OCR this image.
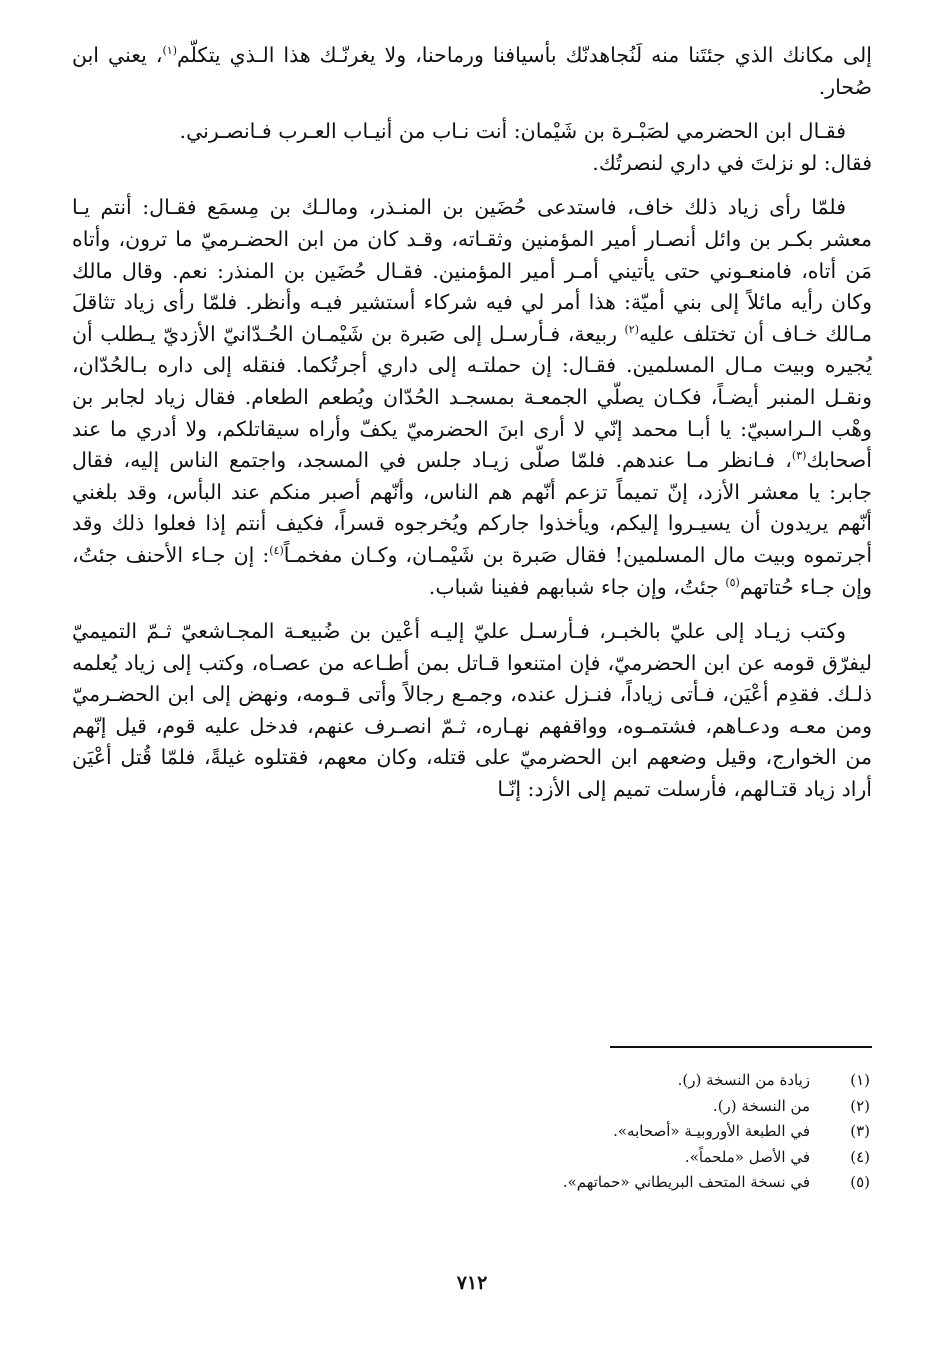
إلى مكانك الذي جئتَنا منه لَنُجاهدنّك بأسيافنا ورماحنا، ولا يغرنّـك هذا الـذي يتكلّم$^{(١)}$، يعني ابن صُحار.

فقـال ابن الحضرمي لصَبْـرة بن شَيْمان: أنت نـاب من أنيـاب العـرب فـانصـرني.

فقال: لو نزلتَ في داري لنصرتُك.

فلمّا رأى زياد ذلك خاف، فاستدعى حُضَين بن المنـذر، ومالـك بن مِسمَع فقـال: أنتم يـا معشر بكـر بن وائل أنصـار أمير المؤمنين وثقـاته، وقـد كان من ابن الحضـرميّ ما ترون، وأتاه مَن أتاه، فامنعـوني حتى يأتيني أمـر أمير المؤمنين. فقـال حُضَين بن المنذر: نعم. وقال مالك وكان رأيه مائلاً إلى بني أميّة: هذا أمر لي فيه شركاء أستشير فيـه وأنظر. فلمّا رأى زياد تثاقلَ مـالك خـاف أن تختلف عليه$^{(٢)}$ ربيعة، فـأرسـل إلى صَبرة بن شَيْمـان الحُـدّانيّ الأزديّ يـطلب أن يُجيره وبيت مـال المسلمين. فقـال: إن حملتـه إلى داري أجرتُكما. فنقله إلى داره بـالحُدّان، ونقـل المنبر أيضـاً، فكـان يصلّي الجمعـة بمسجـد الحُدّان ويُطعم الطعام. فقال زياد لجابر بن وهْب الـراسبيّ: يا أبـا محمد إنّي لا أرى ابنَ الحضرميّ يكفّ وأراه سيقاتلكم، ولا أدري ما عند أصحابك$^{(٣)}$، فـانظر مـا عندهم. فلمّا صلّى زيـاد جلس في المسجد، واجتمع الناس إليه، فقال جابر: يا معشر الأزد، إنّ تميماً تزعم أنّهم هم الناس، وأنّهم أصبر منكم عند البأس، وقد بلغني أنّهم يريدون أن يسيـروا إليكم، ويأخذوا جاركم ويُخرجوه قسراً، فكيف أنتم إذا فعلوا ذلك وقد أجرتموه وبيت مال المسلمين! فقال صَبرة بن شَيْمـان، وكـان مفخمـاً$^{(٤)}$: إن جـاء الأحنف جئتُ، وإن جـاء حُتاتهم$^{(٥)}$ جئتُ، وإن جاء شبابهم ففينا شباب.

وكتب زيـاد إلى عليّ بالخبـر، فـأرسـل عليّ إليـه أعْين بن ضُبيعـة المجـاشعيّ ثـمّ التميميّ ليفرّق قومه عن ابن الحضرميّ، فإن امتنعوا قـاتل بمن أطـاعه من عصـاه، وكتب إلى زياد يُعلمه ذلـك. فقدِم أعْيَن، فـأتى زياداً، فنـزل عنده، وجمـع رجالاً وأتى قـومه، ونهض إلى ابن الحضـرميّ ومن معـه ودعـاهم، فشتمـوه، وواقفهم نهـاره، ثـمّ انصـرف عنهم، فدخل عليه قوم، قيل إنّهم من الخوارج، وقيل وضعهم ابن الحضرميّ على قتله، وكان معهم، فقتلوه غيلةً، فلمّا قُتل أعْيَن أراد زياد قتـالهم، فأرسلت تميم إلى الأزد: إنّـا

(١)
زيادة من النسخة (ر).
(٢)
من النسخة (ر).
(٣)
في الطبعة الأوروبيـة «أصحابه».
(٤)
في الأصل «ملحماً».
(٥)
في نسخة المتحف البريطاني «حماتهم».
٧١٢
